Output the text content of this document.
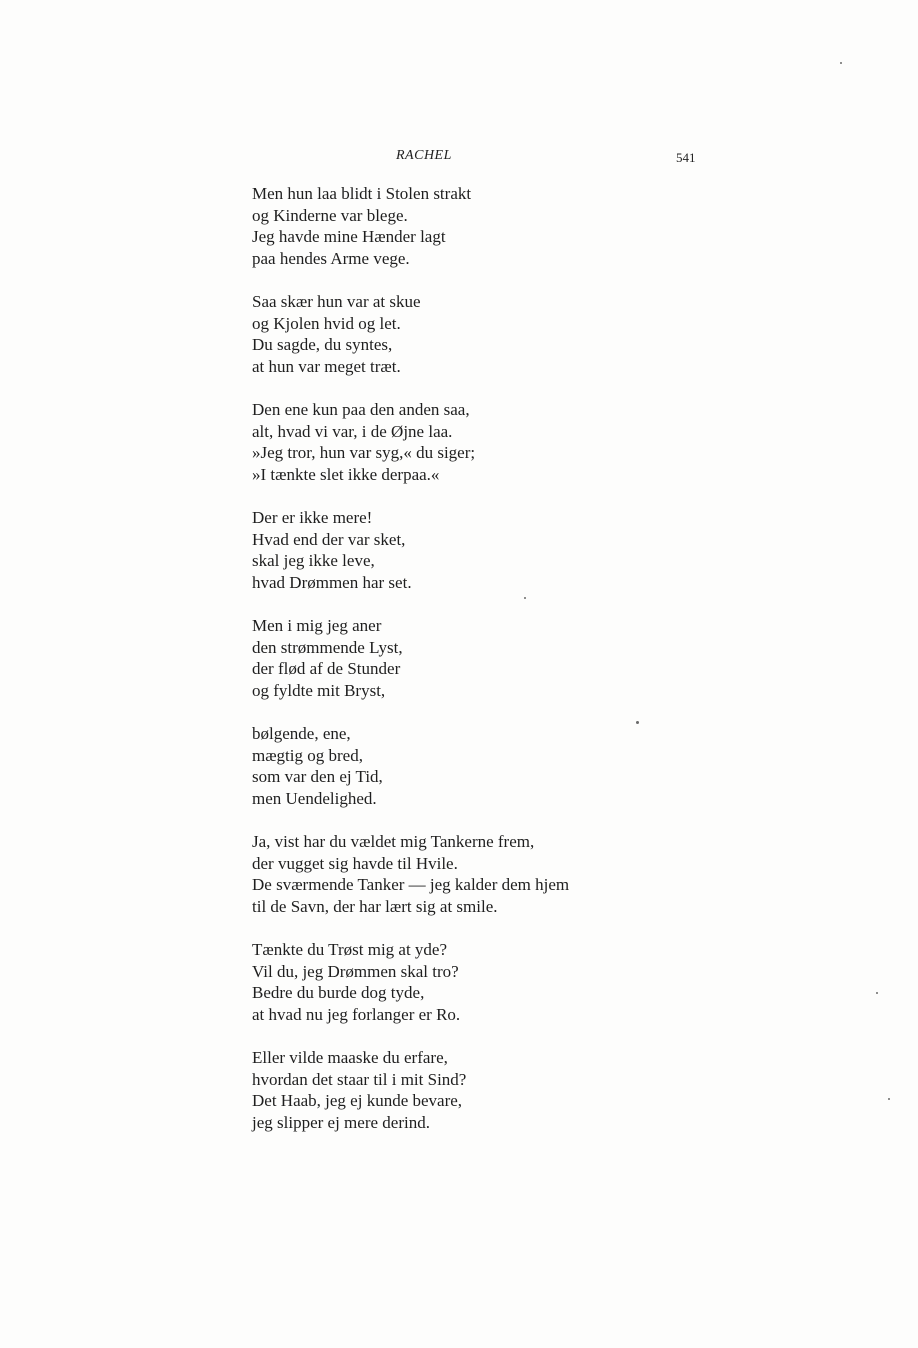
RACHEL	541
Men hun laa blidt i Stolen strakt
og Kinderne var blege.
Jeg havde mine Hænder lagt
paa hendes Arme vege.
Saa skær hun var at skue
og Kjolen hvid og let.
Du sagde, du syntes,
at hun var meget træt.
Den ene kun paa den anden saa,
alt, hvad vi var, i de Øjne laa.
»Jeg tror, hun var syg,« du siger;
»I tænkte slet ikke derpaa.«
Der er ikke mere!
Hvad end der var sket,
skal jeg ikke leve,
hvad Drømmen har set.
Men i mig jeg aner
den strømmende Lyst,
der flød af de Stunder
og fyldte mit Bryst,
bølgende, ene,
mægtig og bred,
som var den ej Tid,
men Uendelighed.
Ja, vist har du vældet mig Tankerne frem,
der vugget sig havde til Hvile.
De sværmende Tanker — jeg kalder dem hjem
til de Savn, der har lært sig at smile.
Tænkte du Trøst mig at yde?
Vil du, jeg Drømmen skal tro?
Bedre du burde dog tyde,
at hvad nu jeg forlanger er Ro.
Eller vilde maaske du erfare,
hvordan det staar til i mit Sind?
Det Haab, jeg ej kunde bevare,
jeg slipper ej mere derind.
